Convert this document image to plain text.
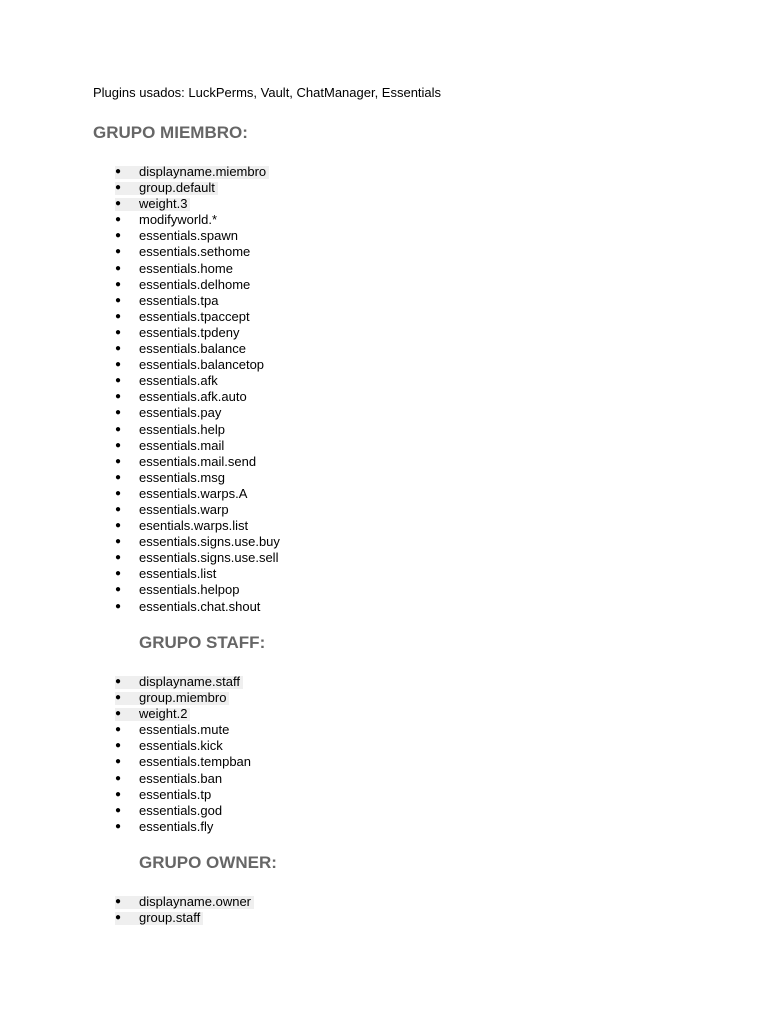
Plugins usados: LuckPerms, Vault, ChatManager, Essentials
GRUPO MIEMBRO:
●	displayname.miembro
●	group.default
●	weight.3
●	modifyworld.*
●	essentials.spawn
●	essentials.sethome
●	essentials.home
●	essentials.delhome
●	essentials.tpa
●	essentials.tpaccept
●	essentials.tpdeny
●	essentials.balance
●	essentials.balancetop
●	essentials.afk
●	essentials.afk.auto
●	essentials.pay
●	essentials.help
●	essentials.mail
●	essentials.mail.send
●	essentials.msg
●	essentials.warps.A
●	essentials.warp
●	esentials.warps.list
●	essentials.signs.use.buy
●	essentials.signs.use.sell
●	essentials.list
●	essentials.helpop
●	essentials.chat.shout
GRUPO STAFF:
●	displayname.staff
●	group.miembro
●	weight.2
●	essentials.mute
●	essentials.kick
●	essentials.tempban
●	essentials.ban
●	essentials.tp
●	essentials.god
●	essentials.fly
GRUPO OWNER:
●	displayname.owner
●	group.staff
